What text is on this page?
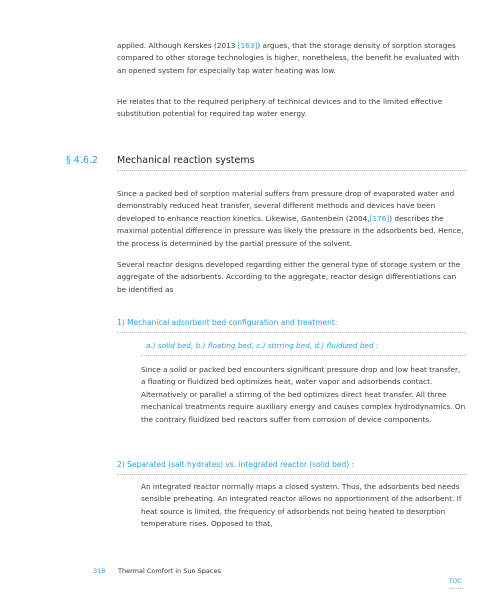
applied. Although Kerskes (2013 [163]) argues, that the storage density of sorption storages compared to other storage technologies is higher, nonetheless, the benefit he evaluated with an opened system for especially tap water heating was low.

He relates that to the required periphery of technical devices and to the limited effective substitution potential for required tap water energy.

§ 4.6.2 Mechanical reaction systems

Since a packed bed of sorption material suffers from pressure drop of evaporated water and demonstrably reduced heat transfer, several different methods and devices have been developed to enhance reaction kinetics. Likewise, Gantenbein (2004,[176]) describes the maximal potential difference in pressure was likely the pressure in the adsorbents bed. Hence, the process is determined by the partial pressure of the solvent.

Several reactor designs developed regarding either the general type of storage system or the aggregate of the adsorbents. According to the aggregate, reactor design differentiations can be identified as

1) Mechanical adsorbent bed configuration and treatment:
a.) solid bed, b.) floating bed, c.) stirring bed, d.) fluidized bed :

Since a solid or packed bed encounters significant pressure drop and low heat transfer, a floating or fluidized bed optimizes heat, water vapor and adsorbends contact. Alternatively or parallel a stirring of the bed optimizes direct heat transfer. All three mechanical treatments require auxiliary energy and causes complex hydrodynamics. On the contrary fluidized bed reactors suffer from corrosion of device components.

2) Separated (salt hydrates) vs. integrated reactor (solid bed) :

An integrated reactor normally maps a closed system. Thus, the adsorbents bed needs sensible preheating. An integrated reactor allows no apportionment of the adsorbent. If heat source is limited, the frequency of adsorbends not being heated to desorption temperature rises. Opposed to that,

318 Thermal Comfort in Sun Spaces
TOC
